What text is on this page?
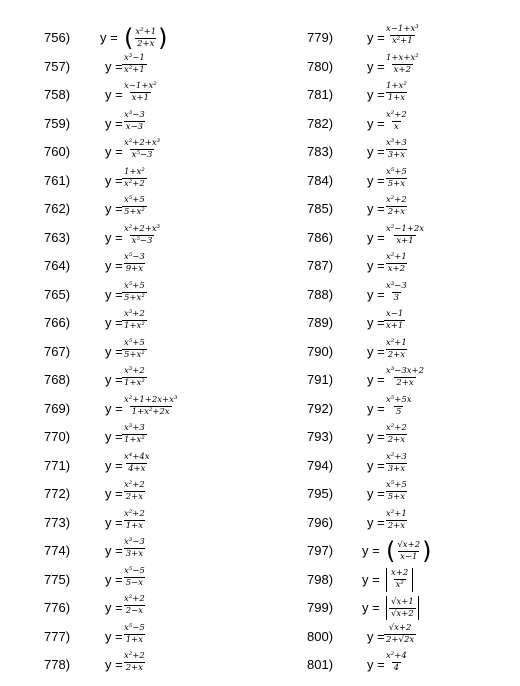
756) y = ( $\frac{\text{x²+1}}{2+x}$ )
757)	$y = \frac{\text{x³−1}}{\text{x²+1}}$
758)	$y = \frac{\text{x−1+x²}}{x+1}$
759)	$y = \frac{\text{x³−3}}{x-3}$
760)	$y = \frac{\text{x²+2+x³}}{\text{x⁵−3}}$
761)	$y = \frac{\text{1+x²}}{\text{x²+2}}$
762)	$y = \frac{\text{x⁵+5}}{\text{5+x²}}$
763)	$y = \frac{\text{x²+2+x³}}{\text{x⁵−3}}$
764)	$y = \frac{\text{x⁵−3}}{9+x}$
765)	$y = \frac{\text{x⁵+5}}{\text{5+x²}}$
766)	$y = \frac{\text{x³+2}}{\text{1+x²}}$
767)	$y = \frac{\text{x⁵+5}}{\text{5+x²}}$
768)	$y = \frac{\text{x³+2}}{\text{1+x²}}$
769)	$y = \frac{\text{x²+1+2x+x³}}{\text{1+x²+2x}}$
770)	$y = \frac{\text{x³+3}}{\text{1+x²}}$
771)	$y = \frac{\text{x⁴+4x}}{4+x}$
772)	$y = \frac{\text{x²+2}}{2+x}$
773)	$y = \frac{\text{x²+2}}{1+x}$
774)	$y = \frac{\text{x³−3}}{3+x}$
775)	$y = \frac{\text{x⁵−5}}{5-x}$
776)	$y = \frac{\text{x²+2}}{2-x}$
777)	$y = \frac{\text{x⁵−5}}{1+x}$
778)	$y = \frac{\text{x²+2}}{2+x}$
779)	$y = \frac{\text{x−1+x³}}{\text{x²+1}}$
780)	$y = \frac{\text{1+x+x²}}{x+2}$
781)	$y = \frac{\text{1+x²}}{1+x}$
782)	$y = \frac{\text{x²+2}}{x}$
783)	$y = \frac{\text{x³+3}}{3+x}$
784)	$y = \frac{\text{x⁵+5}}{5+x}$
785)	$y = \frac{\text{x²+2}}{2+x}$
786)	$y = \frac{\text{x²−1+2x}}{x+1}$
787)	$y = \frac{\text{x²+1}}{x+2}$
788)	$y = \frac{\text{x³−3}}{3}$
789)	$y = \frac{x-1}{x+1}$
790)	$y = \frac{\text{x²+1}}{2+x}$
791)	$y = \frac{\text{x³−3x+2}}{2+x}$
792)	$y = \frac{\text{x⁵+5x}}{5}$
793)	$y = \frac{\text{x²+2}}{2+x}$
794)	$y = \frac{\text{x²+3}}{3+x}$
795)	$y = \frac{\text{x⁵+5}}{5+x}$
796)	$y = \frac{\text{x²+1}}{2+x}$
797) y = ( $\frac{√x+2}{x-1}$ )
798) $y = \frac{x+2}{\text{x²}}$
799) $y = \frac{√x+1}{√x+2}$
800)	$y = \frac{√x+2}{2+√2x}$
801)	$y = \frac{\text{x²+4}}{4}$
